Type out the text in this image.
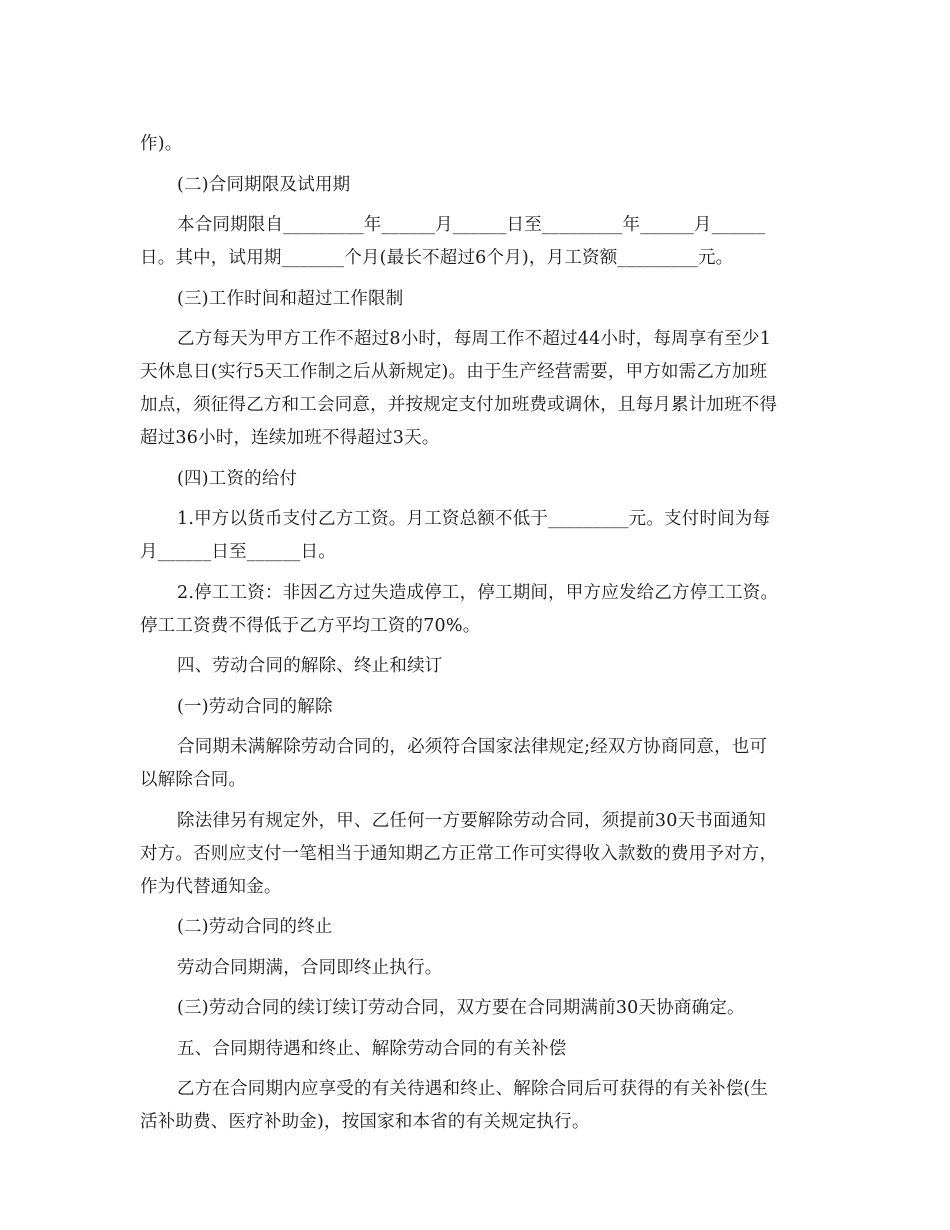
作)。
(二)合同期限及试用期
本合同期限自_________年______月______日至_________年______月______
日。其中，试用期_______个月(最长不超过6个月)，月工资额_________元。
(三)工作时间和超过工作限制
乙方每天为甲方工作不超过8小时，每周工作不超过44小时，每周享有至少1
天休息日(实行5天工作制之后从新规定)。由于生产经营需要，甲方如需乙方加班
加点，须征得乙方和工会同意，并按规定支付加班费或调休，且每月累计加班不得
超过36小时，连续加班不得超过3天。
(四)工资的给付
1.甲方以货币支付乙方工资。月工资总额不低于_________元。支付时间为每
月______日至______日。
2.停工工资：非因乙方过失造成停工，停工期间，甲方应发给乙方停工工资。
停工工资费不得低于乙方平均工资的70%。
四、劳动合同的解除、终止和续订
(一)劳动合同的解除
合同期未满解除劳动合同的，必须符合国家法律规定;经双方协商同意，也可
以解除合同。
除法律另有规定外，甲、乙任何一方要解除劳动合同，须提前30天书面通知
对方。否则应支付一笔相当于通知期乙方正常工作可实得收入款数的费用予对方，
作为代替通知金。
(二)劳动合同的终止
劳动合同期满，合同即终止执行。
(三)劳动合同的续订续订劳动合同，双方要在合同期满前30天协商确定。
五、合同期待遇和终止、解除劳动合同的有关补偿
乙方在合同期内应享受的有关待遇和终止、解除合同后可获得的有关补偿(生
活补助费、医疗补助金)，按国家和本省的有关规定执行。
